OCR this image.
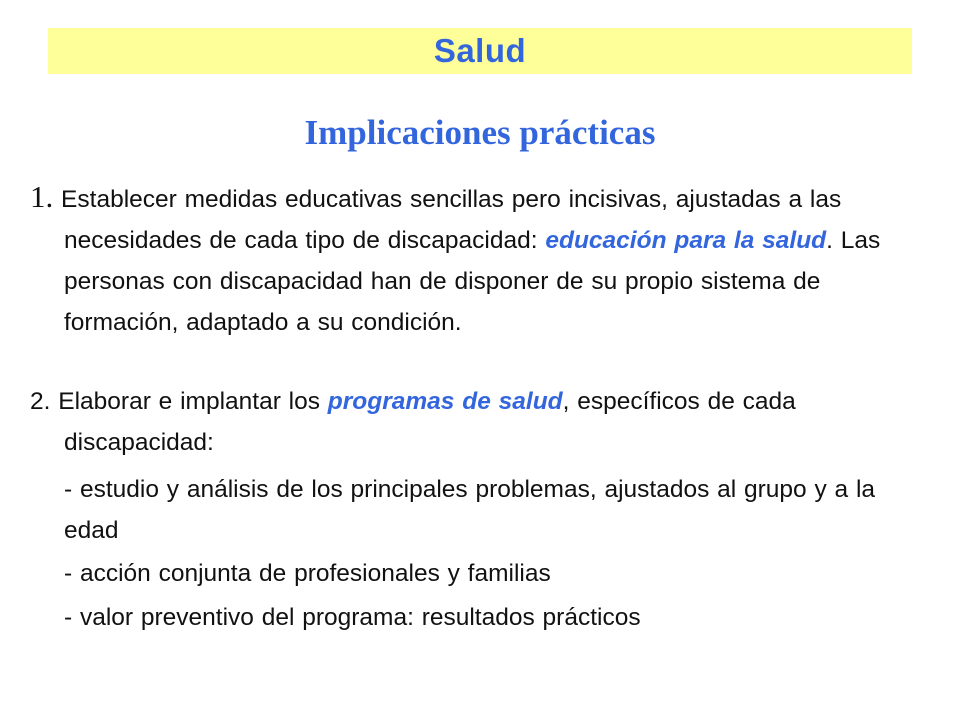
Salud
Implicaciones prácticas
1. Establecer medidas educativas sencillas pero incisivas, ajustadas a las necesidades de cada tipo de discapacidad: educación para la salud. Las personas con discapacidad han de disponer de su propio sistema de formación, adaptado a su condición.
2. Elaborar e implantar los programas de salud, específicos de cada discapacidad:
- estudio y análisis de los principales problemas, ajustados al grupo y a la edad
- acción conjunta de profesionales y familias
- valor preventivo del programa: resultados prácticos
